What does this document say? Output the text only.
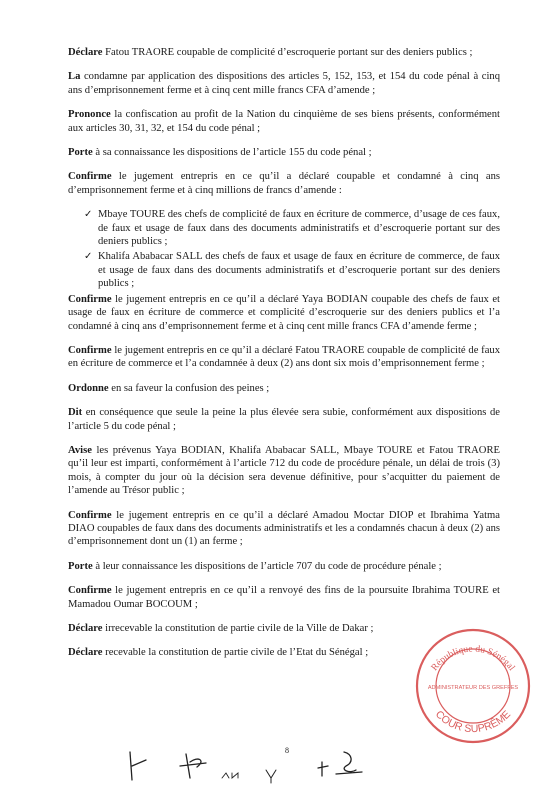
Déclare Fatou TRAORE coupable de complicité d’escroquerie portant sur des deniers publics ;

La condamne par application des dispositions des articles 5, 152, 153, et 154 du code pénal à cinq ans d’emprisonnement ferme et à cinq cent mille francs CFA d’amende ;

Prononce la confiscation au profit de la Nation du cinquième de ses biens présents, conformément aux articles 30, 31, 32, et 154 du code pénal ;

Porte à sa connaissance les dispositions de l’article 155 du code pénal ;

Confirme le jugement entrepris en ce qu’il a déclaré coupable et condamné à cinq ans d’emprisonnement ferme et à cinq millions de francs d’amende :

✓ Mbaye TOURE des chefs de complicité de faux en écriture de commerce, d’usage de ces faux, de faux et usage de faux dans des documents administratifs et d’escroquerie portant sur des deniers publics ;
✓ Khalifa Ababacar SALL des chefs de faux et usage de faux en écriture de commerce, de faux et usage de faux dans des documents administratifs et d’escroquerie portant sur des deniers publics ;

Confirme le jugement entrepris en ce qu’il a déclaré Yaya BODIAN coupable des chefs de faux et usage de faux en écriture de commerce et complicité d’escroquerie sur des deniers publics et l’a condamné à cinq ans d’emprisonnement ferme et à cinq cent mille francs CFA d’amende ferme ;

Confirme le jugement entrepris en ce qu’il a déclaré Fatou TRAORE coupable de complicité de faux en écriture de commerce et l’a condamnée à deux (2) ans dont six mois d’emprisonnement ferme ;

Ordonne en sa faveur la confusion des peines ;

Dit en conséquence que seule la peine la plus élevée sera subie, conformément aux dispositions de l’article 5 du code pénal ;

Avise les prévenus Yaya BODIAN, Khalifa Ababacar SALL, Mbaye TOURE et Fatou TRAORE qu’il leur est imparti, conformément à l’article 712 du code de procédure pénale, un délai de trois (3) mois, à compter du jour où la décision sera devenue définitive, pour s’acquitter du paiement de l’amende au Trésor public ;

Confirme le jugement entrepris en ce qu’il a déclaré Amadou Moctar DIOP et Ibrahima Yatma DIAO coupables de faux dans des documents administratifs et les a condamnés chacun à deux (2) ans d’emprisonnement dont un (1) an ferme ;

Porte à leur connaissance les dispositions de l’article 707 du code de procédure pénale ;

Confirme le jugement entrepris en ce qu’il a renvoyé des fins de la poursuite Ibrahima TOURE et Mamadou Oumar BOCOUM ;

Déclare irrecevable la constitution de partie civile de la Ville de Dakar ;

Déclare recevable la constitution de partie civile de l’Etat du Sénégal ;

République du Sénégal
ADMINISTRATEUR DES GREFFES
COUR SUPRÊME
8
